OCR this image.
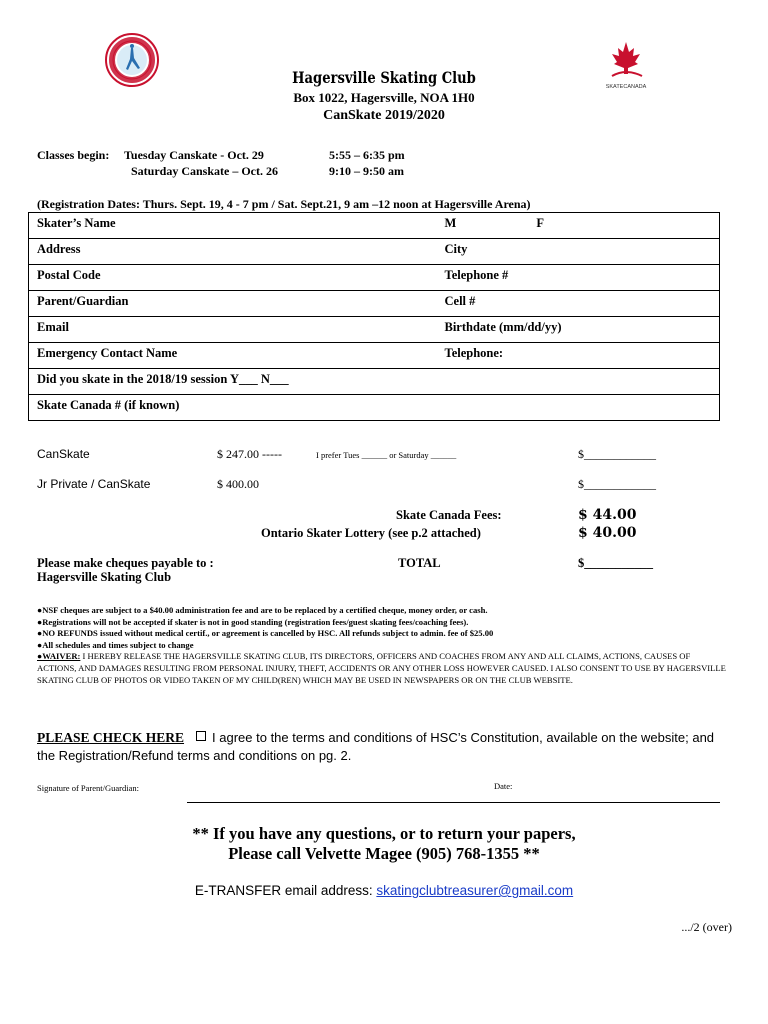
SKATECANADA
Hagersville Skating Club
Box 1022, Hagersville, NOA 1H0
CanSkate 2019/2020
Classes begin: Tuesday Canskate - Oct. 29	5:55 – 6:35 pm
Saturday Canskate – Oct. 26	9:10 – 9:50 am
(Registration Dates: Thurs. Sept. 19, 4 - 7 pm / Sat. Sept.21, 9 am –12 noon at Hagersville Arena)
Skater’s Name	M F
Address	City
Postal Code	Telephone #
Parent/Guardian	Cell #
Email	Birthdate (mm/dd/yy)
Emergency Contact Name	Telephone:
Did you skate in the 2018/19 session Y___ N___	
Skate Canada # (if known)	
CanSkate	$ 247.00 -----	I prefer Tues ______ or Saturday ______	$____________
Jr Private / CanSkate	$ 400.00	$____________
Skate Canada Fees:	$ 44.00
Ontario Skater Lottery (see p.2 attached)	$ 40.00
Please make cheques payable to :
Hagersville Skating Club
TOTAL	$___________
●NSF cheques are subject to a $40.00 administration fee and are to be replaced by a certified cheque, money order, or cash.
●Registrations will not be accepted if skater is not in good standing (registration fees/guest skating fees/coaching fees).
●NO REFUNDS issued without medical certif., or agreement is cancelled by HSC. All refunds subject to admin. fee of $25.00
●All schedules and times subject to change
●WAIVER: I HEREBY RELEASE THE HAGERSVILLE SKATING CLUB, ITS DIRECTORS, OFFICERS AND COACHES FROM ANY AND ALL CLAIMS, ACTIONS, CAUSES OF ACTIONS, AND DAMAGES RESULTING FROM PERSONAL INJURY, THEFT, ACCIDENTS OR ANY OTHER LOSS HOWEVER CAUSED. I ALSO CONSENT TO USE BY HAGERSVILLE SKATING CLUB OF PHOTOS OR VIDEO TAKEN OF MY CHILD(REN) WHICH MAY BE USED IN NEWSPAPERS OR ON THE CLUB WEBSITE.
PLEASE CHECK HERE I agree to the terms and conditions of HSC’s Constitution, available on the website; and the Registration/Refund terms and conditions on pg. 2.
Signature of Parent/Guardian:	Date:
** If you have any questions, or to return your papers,
Please call Velvette Magee (905) 768-1355 **
E-TRANSFER email address: skatingclubtreasurer@gmail.com
.../2 (over)
